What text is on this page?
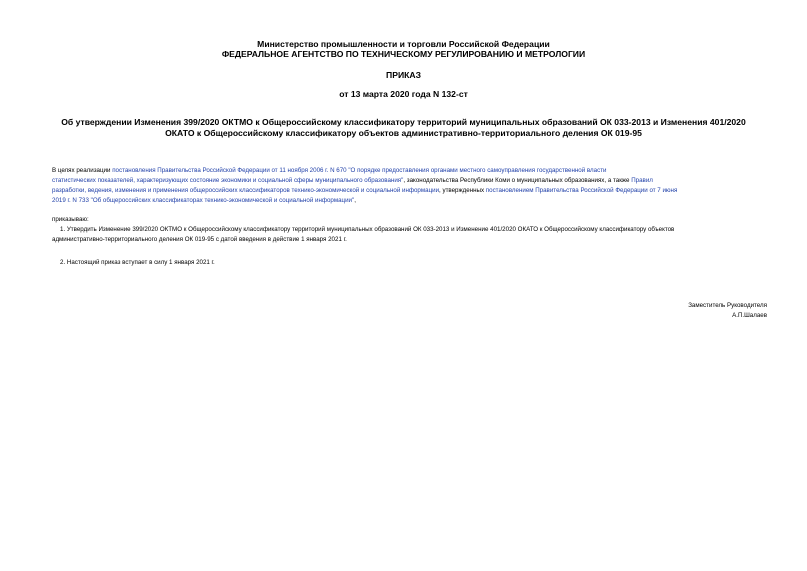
Министерство промышленности и торговли Российской Федерации
ФЕДЕРАЛЬНОЕ АГЕНТСТВО ПО ТЕХНИЧЕСКОМУ РЕГУЛИРОВАНИЮ И МЕТРОЛОГИИ
ПРИКАЗ
от 13 марта 2020 года N 132-ст
Об утверждении Изменения 399/2020 ОКТМО к Общероссийскому классификатору территорий муниципальных образований ОК 033-2013 и Изменения 401/2020
ОКАТО к Общероссийскому классификатору объектов административно-территориального деления ОК 019-95
В целях реализации постановления Правительства Российской Федерации от 11 ноября 2006 г. N 670 "О порядке предоставления органами местного самоуправления государственной власти
статистических показателей, характеризующих состояние экономики и социальной сферы муниципального образования", законодательства Республики Коми о муниципальных образованиях, а также Правил
разработки, ведения, изменения и применения общероссийских классификаторов технико-экономической и социальной информации, утвержденных постановлением Правительства Российской Федерации от 7 июня
2019 г. N 733 "Об общероссийских классификаторах технико-экономической и социальной информации",
приказываю:
1. Утвердить Изменение 399/2020 ОКТМО к Общероссийскому классификатору территорий муниципальных образований ОК 033-2013 и Изменение 401/2020 ОКАТО к Общероссийскому классификатору объектов
административно-территориального деления ОК 019-95 с датой введения в действие 1 января 2021 г.
2. Настоящий приказ вступает в силу 1 января 2021 г.
Заместитель Руководителя
А.П.Шалаев
